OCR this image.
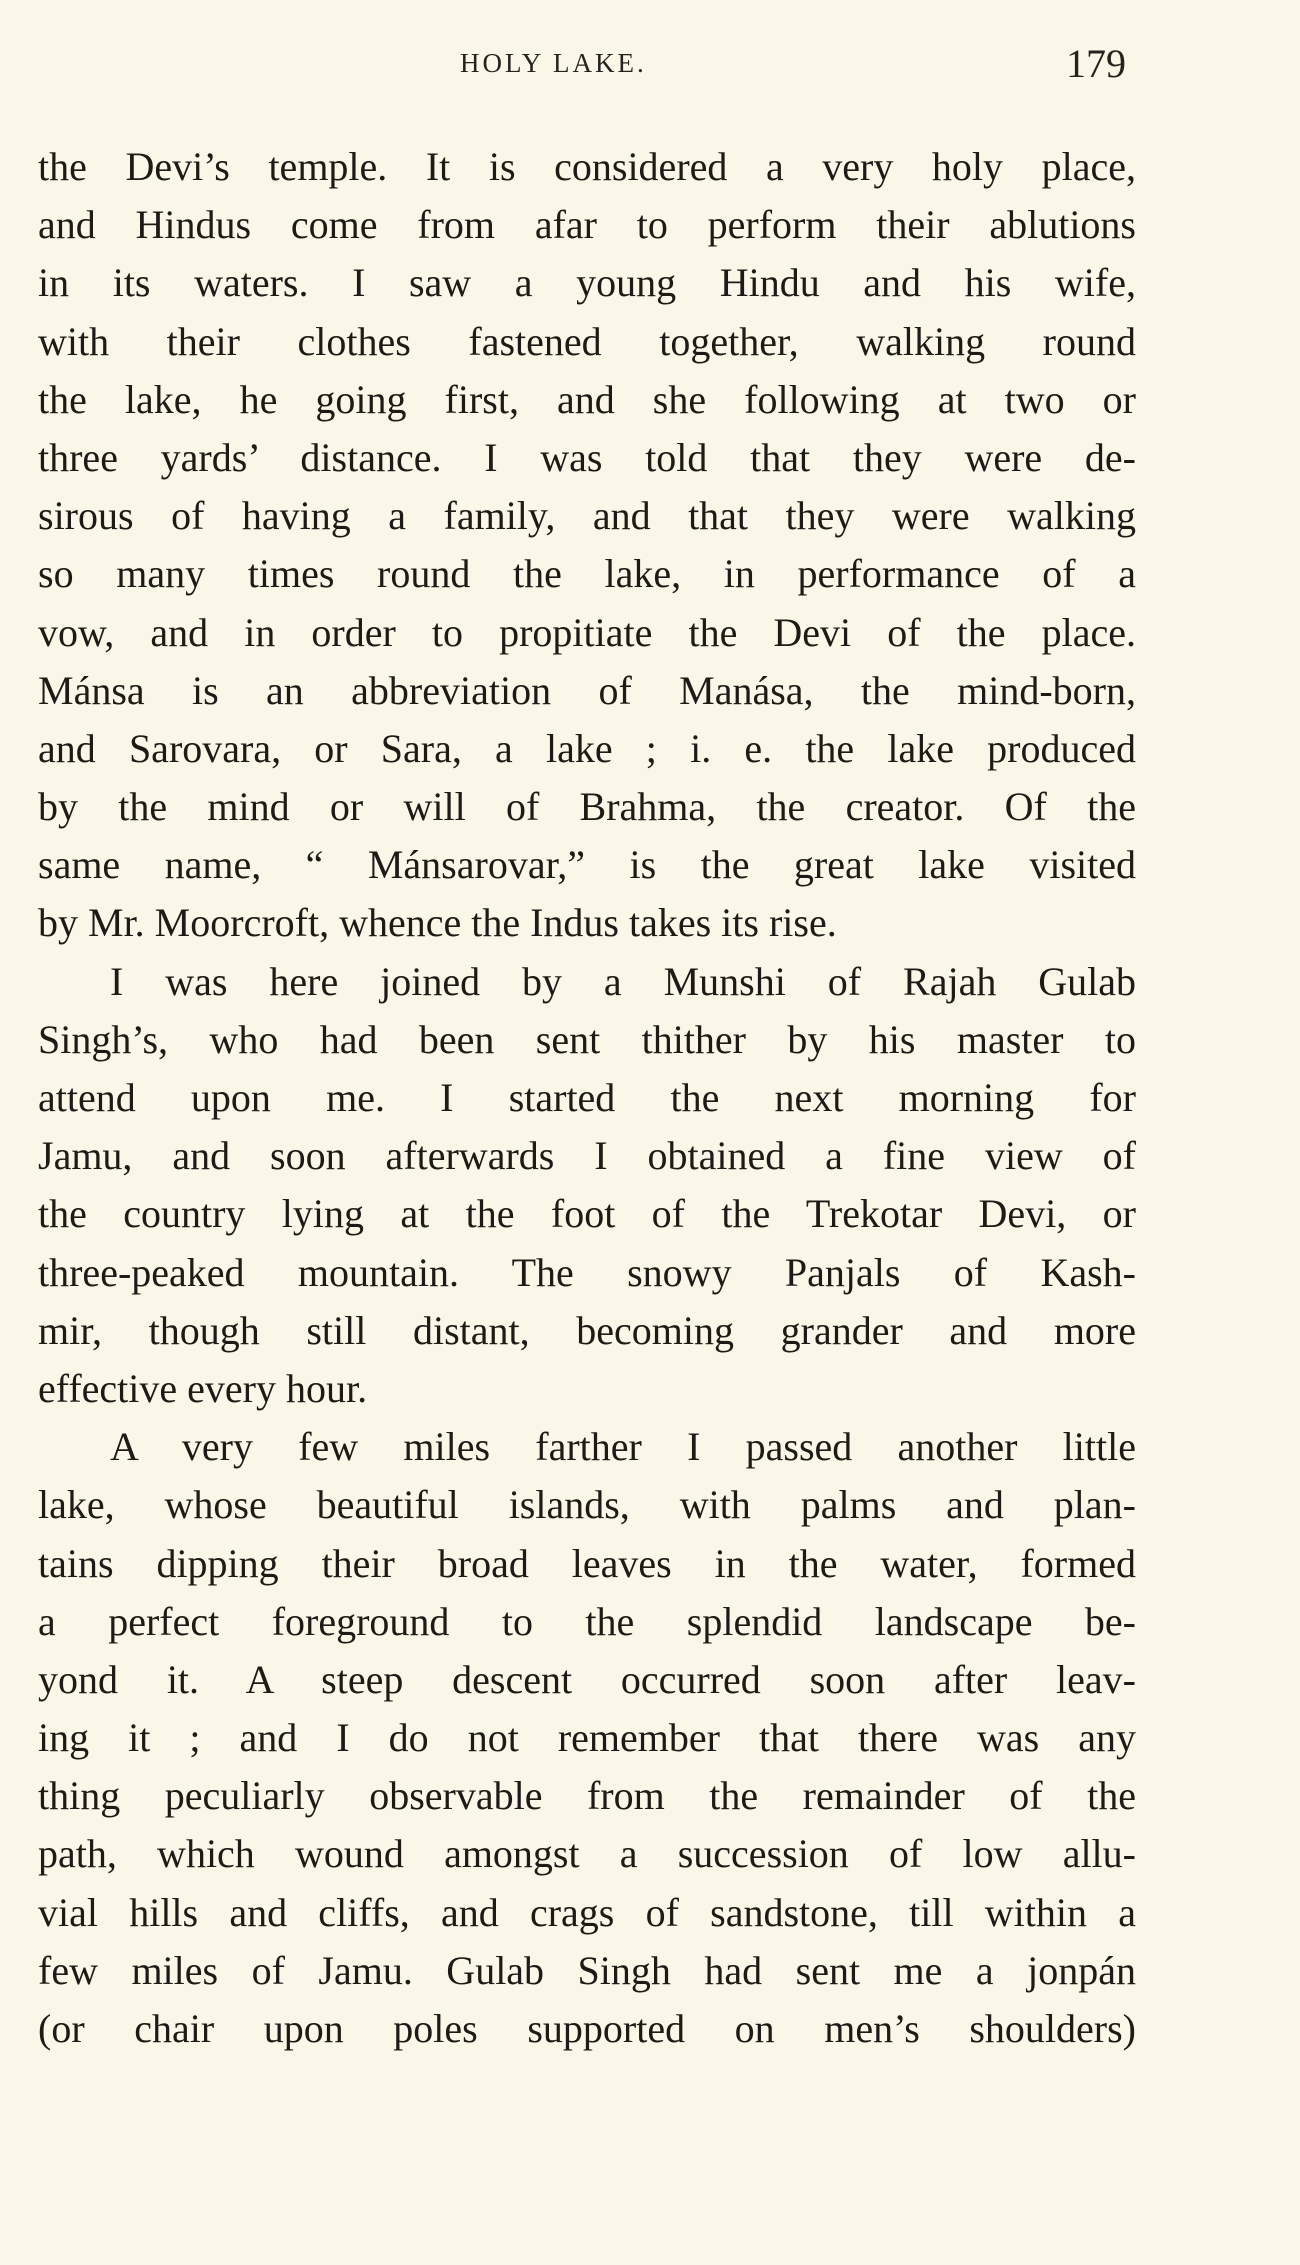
HOLY LAKE.	179
the Devi’s temple. It is considered a very holy place,
and Hindus come from afar to perform their ablutions
in its waters. I saw a young Hindu and his wife,
with their clothes fastened together, walking round
the lake, he going first, and she following at two or
three yards’ distance. I was told that they were de-
sirous of having a family, and that they were walking
so many times round the lake, in performance of a
vow, and in order to propitiate the Devi of the place.
Mánsa is an abbreviation of Manása, the mind-born,
and Sarovara, or Sara, a lake ; i. e. the lake produced
by the mind or will of Brahma, the creator. Of the
same name, “ Mánsarovar,” is the great lake visited
by Mr. Moorcroft, whence the Indus takes its rise.
I was here joined by a Munshi of Rajah Gulab
Singh’s, who had been sent thither by his master to
attend upon me. I started the next morning for
Jamu, and soon afterwards I obtained a fine view of
the country lying at the foot of the Trekotar Devi, or
three-peaked mountain. The snowy Panjals of Kash-
mir, though still distant, becoming grander and more
effective every hour.
A very few miles farther I passed another little
lake, whose beautiful islands, with palms and plan-
tains dipping their broad leaves in the water, formed
a perfect foreground to the splendid landscape be-
yond it. A steep descent occurred soon after leav-
ing it ; and I do not remember that there was any
thing peculiarly observable from the remainder of the
path, which wound amongst a succession of low allu-
vial hills and cliffs, and crags of sandstone, till within a
few miles of Jamu. Gulab Singh had sent me a jonpán
(or chair upon poles supported on men’s shoulders)
